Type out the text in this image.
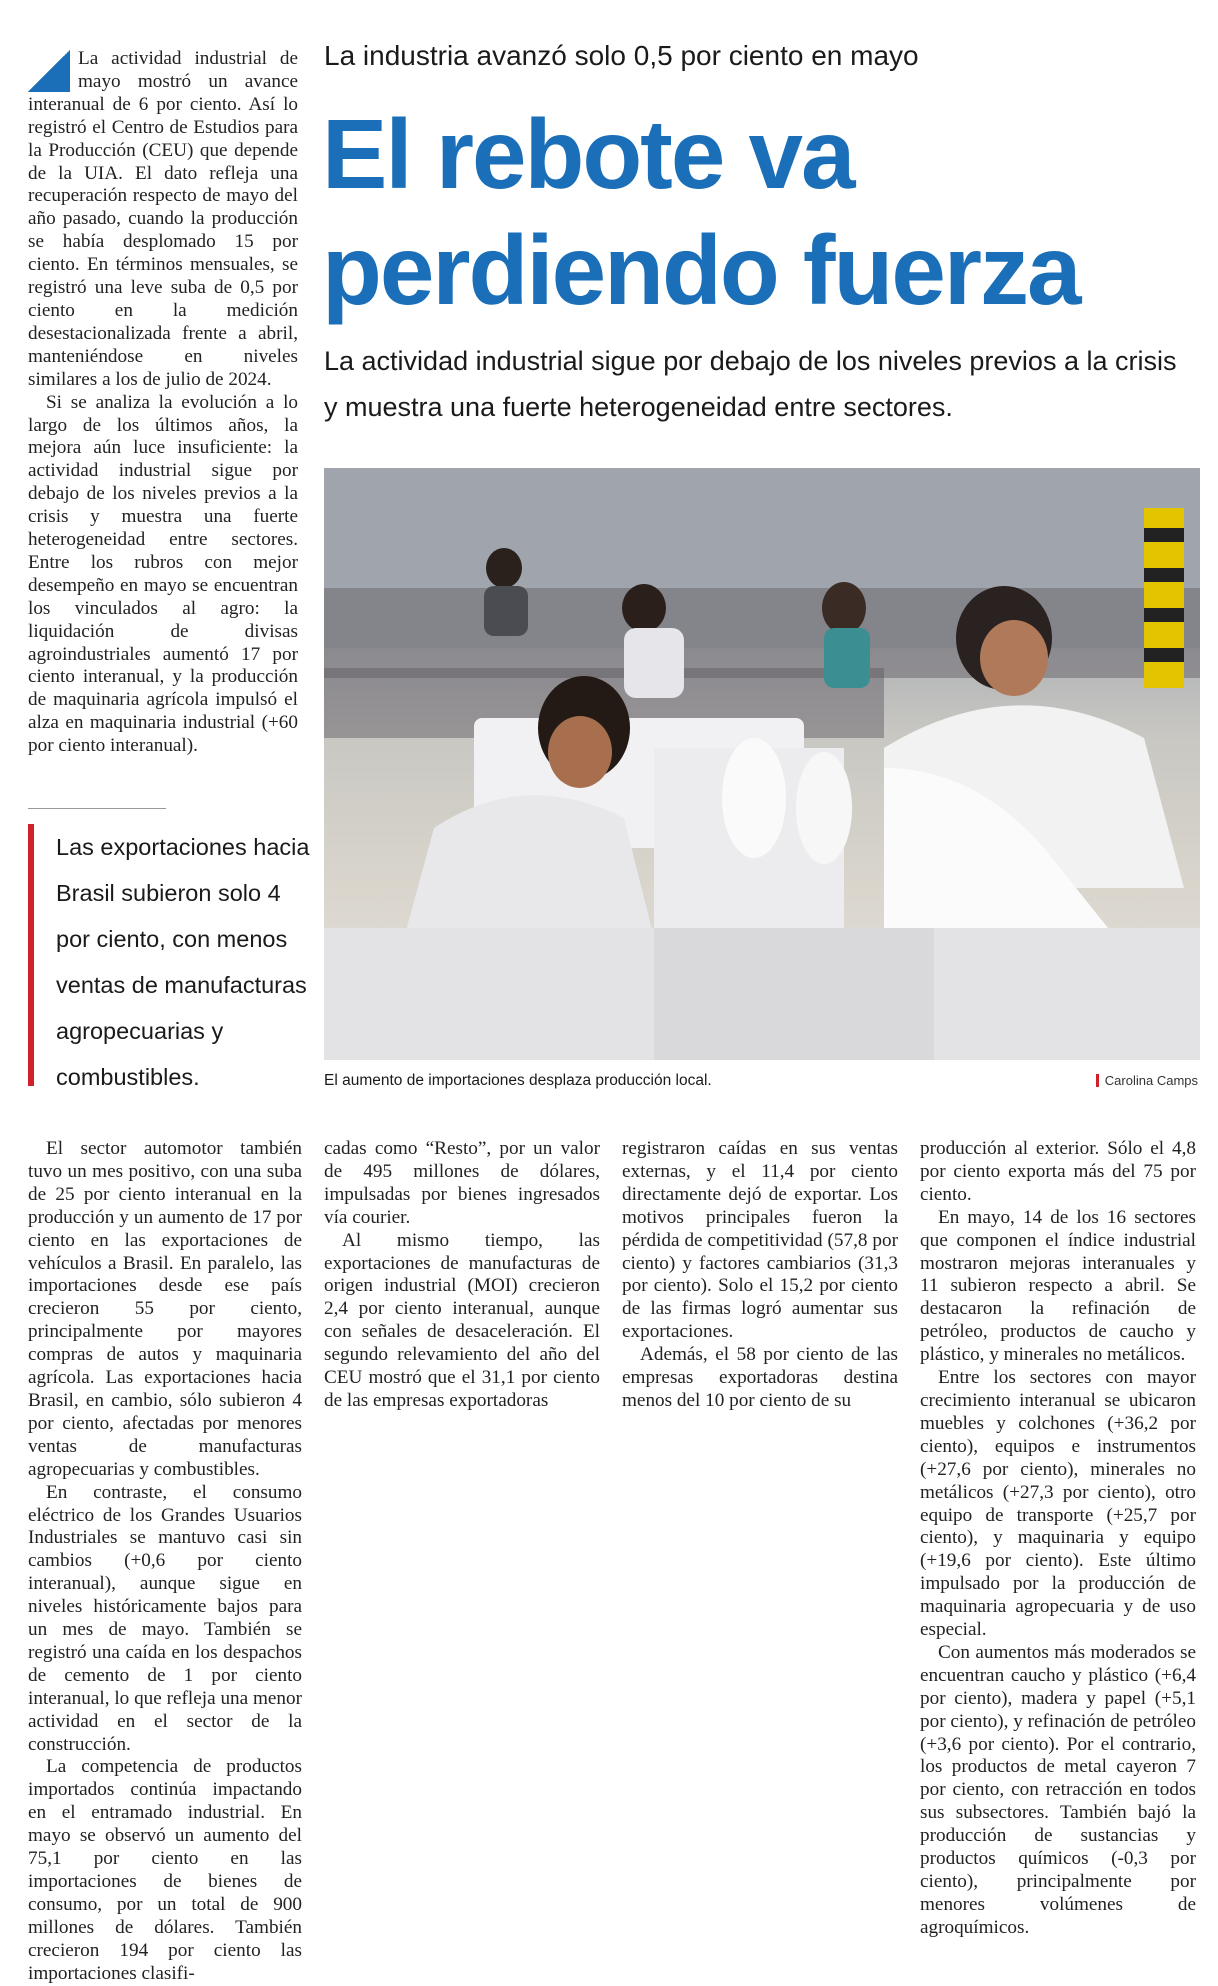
La actividad industrial de mayo mostró un avance interanual de 6 por ciento. Así lo registró el Centro de Estudios para la Producción (CEU) que depende de la UIA. El dato refleja una recuperación respecto de mayo del año pasado, cuando la producción se había desplomado 15 por ciento. En términos mensuales, se registró una leve suba de 0,5 por ciento en la medición desestacionalizada frente a abril, manteniéndose en niveles similares a los de julio de 2024.

Si se analiza la evolución a lo largo de los últimos años, la mejora aún luce insuficiente: la actividad industrial sigue por debajo de los niveles previos a la crisis y muestra una fuerte heterogeneidad entre sectores. Entre los rubros con mejor desempeño en mayo se encuentran los vinculados al agro: la liquidación de divisas agroindustriales aumentó 17 por ciento interanual, y la producción de maquinaria agrícola impulsó el alza en maquinaria industrial (+60 por ciento interanual).

La industria avanzó solo 0,5 por ciento en mayo
El rebote va perdiendo fuerza
La actividad industrial sigue por debajo de los niveles previos a la crisis y muestra una fuerte heterogeneidad entre sectores.
El aumento de importaciones desplaza producción local.	Carolina Camps
Las exportaciones hacia Brasil subieron solo 4 por ciento, con menos ventas de manufacturas agropecuarias y combustibles.

El sector automotor también tuvo un mes positivo, con una suba de 25 por ciento interanual en la producción y un aumento de 17 por ciento en las exportaciones de vehículos a Brasil. En paralelo, las importaciones desde ese país crecieron 55 por ciento, principalmente por mayores compras de autos y maquinaria agrícola. Las exportaciones hacia Brasil, en cambio, sólo subieron 4 por ciento, afectadas por menores ventas de manufacturas agropecuarias y combustibles.

En contraste, el consumo eléctrico de los Grandes Usuarios Industriales se mantuvo casi sin cambios (+0,6 por ciento interanual), aunque sigue en niveles históricamente bajos para un mes de mayo. También se registró una caída en los despachos de cemento de 1 por ciento interanual, lo que refleja una menor actividad en el sector de la construcción.

La competencia de productos importados continúa impactando en el entramado industrial. En mayo se observó un aumento del 75,1 por ciento en las importaciones de bienes de consumo, por un total de 900 millones de dólares. También crecieron 194 por ciento las importaciones clasifi-

cadas como “Resto”, por un valor de 495 millones de dólares, impulsadas por bienes ingresados vía courier.

Al mismo tiempo, las exportaciones de manufacturas de origen industrial (MOI) crecieron 2,4 por ciento interanual, aunque con señales de desaceleración. El segundo relevamiento del año del CEU mostró que el 31,1 por ciento de las empresas exportadoras

registraron caídas en sus ventas externas, y el 11,4 por ciento directamente dejó de exportar. Los motivos principales fueron la pérdida de competitividad (57,8 por ciento) y factores cambiarios (31,3 por ciento). Solo el 15,2 por ciento de las firmas logró aumentar sus exportaciones.

Además, el 58 por ciento de las empresas exportadoras destina menos del 10 por ciento de su

producción al exterior. Sólo el 4,8 por ciento exporta más del 75 por ciento.

En mayo, 14 de los 16 sectores que componen el índice industrial mostraron mejoras interanuales y 11 subieron respecto a abril. Se destacaron la refinación de petróleo, productos de caucho y plástico, y minerales no metálicos.

Entre los sectores con mayor crecimiento interanual se ubicaron muebles y colchones (+36,2 por ciento), equipos e instrumentos (+27,6 por ciento), minerales no metálicos (+27,3 por ciento), otro equipo de transporte (+25,7 por ciento), y maquinaria y equipo (+19,6 por ciento). Este último impulsado por la producción de maquinaria agropecuaria y de uso especial.

Con aumentos más moderados se encuentran caucho y plástico (+6,4 por ciento), madera y papel (+5,1 por ciento), y refinación de petróleo (+3,6 por ciento). Por el contrario, los productos de metal cayeron 7 por ciento, con retracción en todos sus subsectores. También bajó la producción de sustancias y productos químicos (-0,3 por ciento), principalmente por menores volúmenes de agroquímicos.
